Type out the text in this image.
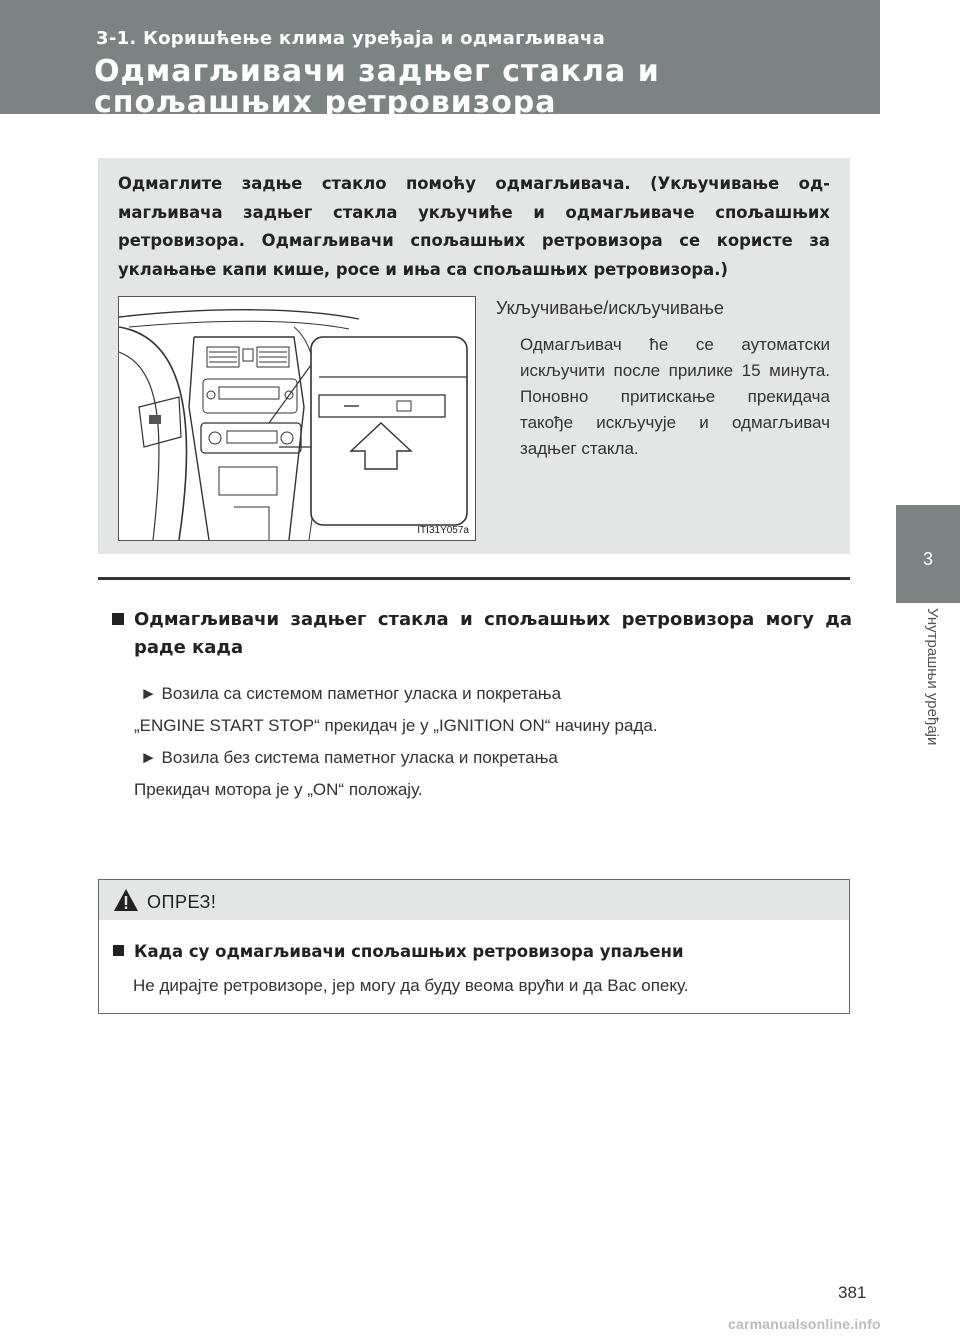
3-1. Коришћење клима уређаја и одмагљивача
Одмагљивачи задњег стакла и спољашњих ретровизора
3
Унутрашњи уређаји
Одмаглите задње стакло помоћу одмагљивача. (Укључивање од-магљивача задњег стакла укључиће и одмагљиваче спољашњих ретровизора. Одмагљивачи спољашњих ретровизора се користе за уклањање капи кише, росе и иња са спољашњих ретровизора.)
ITI31Y057a
Укључивање/искључивање
Одмагљивач ће се аутоматски искључити после приликe 15 минута. Поновно притискање прекидача такође искључује и одмагљивач задњег стакла.
Одмагљивачи задњег стакла и спољашњих ретровизора могу да раде када
► Возила са системом паметног уласка и покретања
„ENGINE START STOP“ прекидач је у „IGNITION ON“ начину рада.
► Возила без система паметног уласка и покретања
Прекидач мотора је у „ON“ положају.
ОПРЕЗ!
Када су одмагљивачи спољашњих ретровизора упаљени
Не дирајте ретровизоре, јер могу да буду веома врући и да Вас опеку.
381
carmanualsonline.info
